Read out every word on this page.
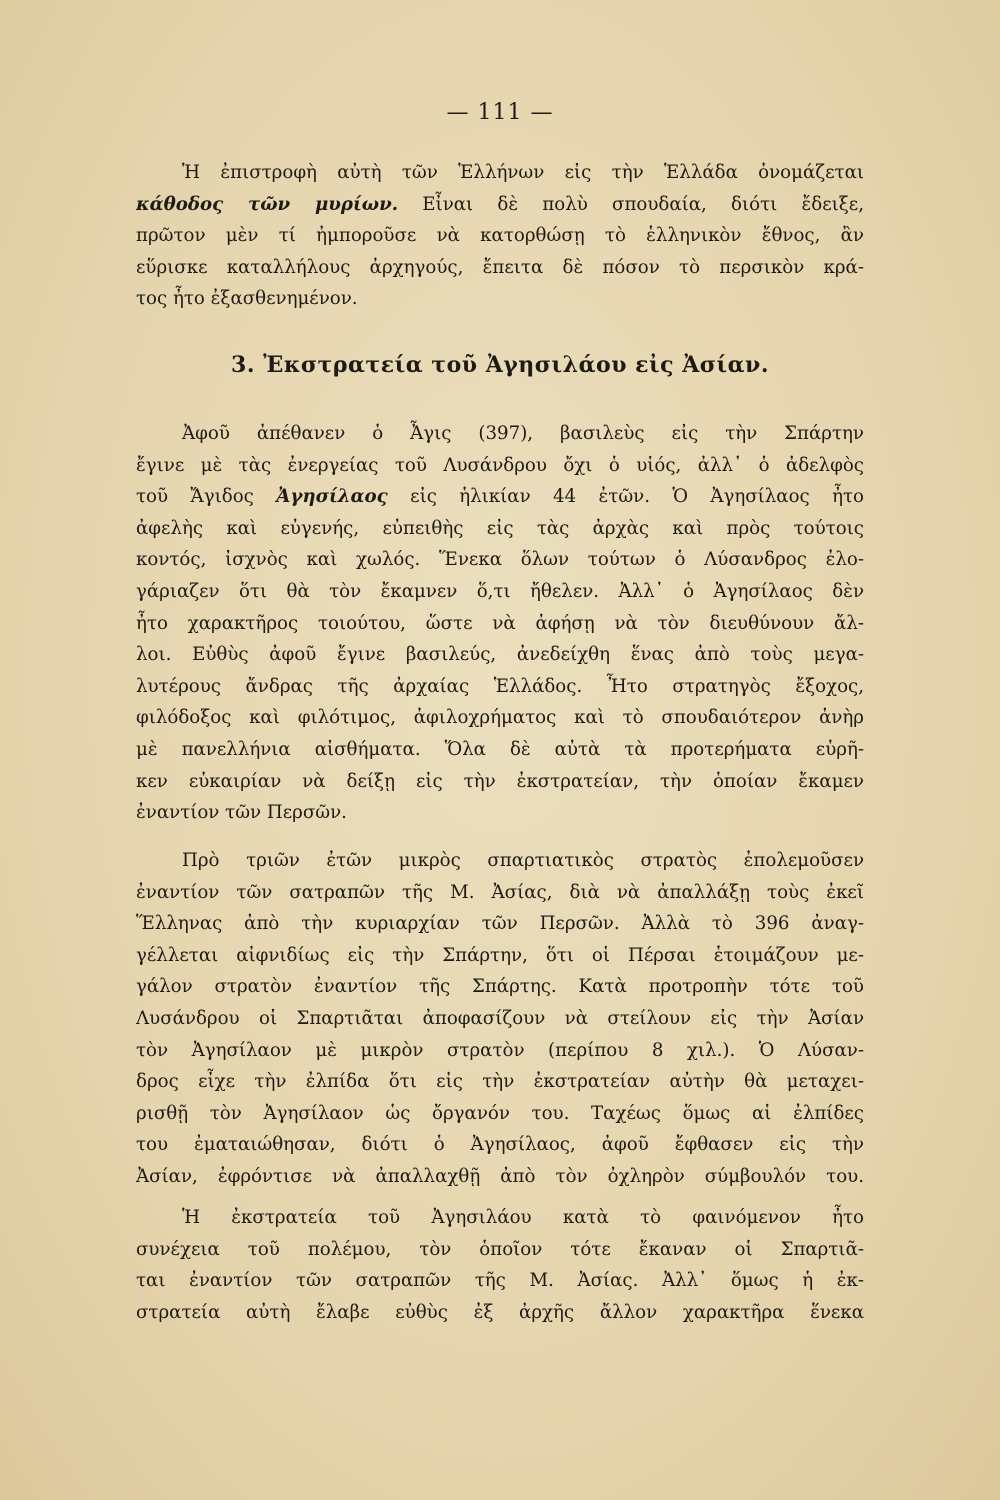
— 111 —
Ἡ ἐπιστροφὴ αὐτὴ τῶν Ἑλλήνων εἰς τὴν Ἑλλάδα ὀνομάζεται
κάθοδος τῶν μυρίων. Εἶναι δὲ πολὺ σπουδαία, διότι ἔδειξε,
πρῶτον μὲν τί ἠμποροῦσε νὰ κατορθώσῃ τὸ ἑλληνικὸν ἔθνος, ἂν
εὕρισκε καταλλήλους ἀρχηγούς, ἔπειτα δὲ πόσον τὸ περσικὸν κρά-
τος ἦτο ἐξασθενημένον.
3. Ἐκστρατεία τοῦ Ἀγησιλάου εἰς Ἀσίαν.
Ἀφοῦ ἀπέθανεν ὁ Ἆγις (397), βασιλεὺς εἰς τὴν Σπάρτην
ἔγινε μὲ τὰς ἐνεργείας τοῦ Λυσάνδρου ὄχι ὁ υἱός, ἀλλ᾽ ὁ ἀδελφὸς
τοῦ Ἄγιδος Ἀγησίλαος εἰς ἡλικίαν 44 ἐτῶν. Ὁ Ἀγησίλαος ἦτο
ἀφελὴς καὶ εὐγενής, εὐπειθὴς εἰς τὰς ἀρχὰς καὶ πρὸς τούτοις
κοντός, ἰσχνὸς καὶ χωλός. Ἕνεκα ὅλων τούτων ὁ Λύσανδρος ἐλο-
γάριαζεν ὅτι θὰ τὸν ἔκαμνεν ὅ,τι ἤθελεν. Ἀλλ᾽ ὁ Ἀγησίλαος δὲν
ἦτο χαρακτῆρος τοιούτου, ὥστε νὰ ἀφήσῃ νὰ τὸν διευθύνουν ἄλ-
λοι. Εὐθὺς ἀφοῦ ἔγινε βασιλεύς, ἀνεδείχθη ἕνας ἀπὸ τοὺς μεγα-
λυτέρους ἄνδρας τῆς ἀρχαίας Ἑλλάδος. Ἦτο στρατηγὸς ἔξοχος,
φιλόδοξος καὶ φιλότιμος, ἀφιλοχρήματος καὶ τὸ σπουδαιότερον ἀνὴρ
μὲ πανελλήνια αἰσθήματα. Ὅλα δὲ αὐτὰ τὰ προτερήματα εὑρῆ-
κεν εὐκαιρίαν νὰ δείξῃ εἰς τὴν ἐκστρατείαν, τὴν ὁποίαν ἔκαμεν
ἐναντίον τῶν Περσῶν.
Πρὸ τριῶν ἐτῶν μικρὸς σπαρτιατικὸς στρατὸς ἐπολεμοῦσεν
ἐναντίον τῶν σατραπῶν τῆς Μ. Ἀσίας, διὰ νὰ ἀπαλλάξῃ τοὺς ἐκεῖ
Ἕλληνας ἀπὸ τὴν κυριαρχίαν τῶν Περσῶν. Ἀλλὰ τὸ 396 ἀναγ-
γέλλεται αἰφνιδίως εἰς τὴν Σπάρτην, ὅτι οἱ Πέρσαι ἑτοιμάζουν με-
γάλον στρατὸν ἐναντίον τῆς Σπάρτης. Κατὰ προτροπὴν τότε τοῦ
Λυσάνδρου οἱ Σπαρτιᾶται ἀποφασίζουν νὰ στείλουν εἰς τὴν Ἀσίαν
τὸν Ἀγησίλαον μὲ μικρὸν στρατὸν (περίπου 8 χιλ.). Ὁ Λύσαν-
δρος εἶχε τὴν ἐλπίδα ὅτι εἰς τὴν ἐκστρατείαν αὐτὴν θὰ μεταχει-
ρισθῇ τὸν Ἀγησίλαον ὡς ὄργανόν του. Ταχέως ὅμως αἱ ἐλπίδες
του ἐματαιώθησαν, διότι ὁ Ἀγησίλαος, ἀφοῦ ἔφθασεν εἰς τὴν
Ἀσίαν, ἐφρόντισε νὰ ἀπαλλαχθῇ ἀπὸ τὸν ὀχληρὸν σύμβουλόν του.
Ἡ ἐκστρατεία τοῦ Ἀγησιλάου κατὰ τὸ φαινόμενον ἦτο
συνέχεια τοῦ πολέμου, τὸν ὁποῖον τότε ἔκαναν οἱ Σπαρτιᾶ-
ται ἐναντίον τῶν σατραπῶν τῆς Μ. Ἀσίας. Ἀλλ᾽ ὅμως ἡ ἐκ-
στρατεία αὐτὴ ἔλαβε εὐθὺς ἐξ ἀρχῆς ἄλλον χαρακτῆρα ἕνεκα
